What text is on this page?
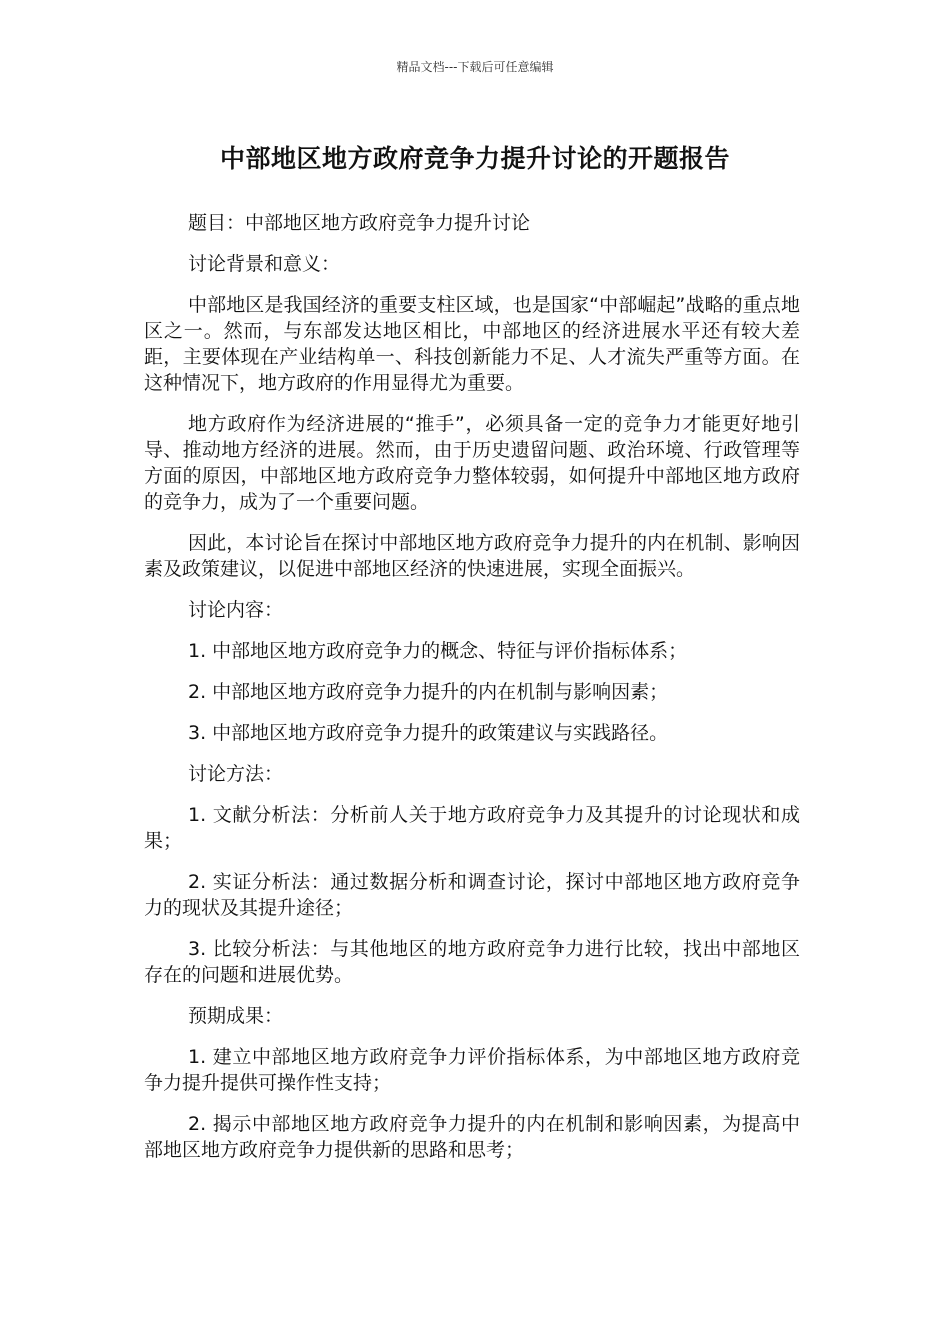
精品文档---下载后可任意编辑
中部地区地方政府竞争力提升讨论的开题报告

题目：中部地区地方政府竞争力提升讨论

讨论背景和意义：

中部地区是我国经济的重要支柱区域，也是国家“中部崛起”战略的重点地区之一。然而，与东部发达地区相比，中部地区的经济进展水平还有较大差距，主要体现在产业结构单一、科技创新能力不足、人才流失严重等方面。在这种情况下，地方政府的作用显得尤为重要。

地方政府作为经济进展的“推手”，必须具备一定的竞争力才能更好地引导、推动地方经济的进展。然而，由于历史遗留问题、政治环境、行政管理等方面的原因，中部地区地方政府竞争力整体较弱，如何提升中部地区地方政府的竞争力，成为了一个重要问题。

因此，本讨论旨在探讨中部地区地方政府竞争力提升的内在机制、影响因素及政策建议，以促进中部地区经济的快速进展，实现全面振兴。

讨论内容：

1. 中部地区地方政府竞争力的概念、特征与评价指标体系；

2. 中部地区地方政府竞争力提升的内在机制与影响因素；

3. 中部地区地方政府竞争力提升的政策建议与实践路径。

讨论方法：

1. 文献分析法：分析前人关于地方政府竞争力及其提升的讨论现状和成果；

2. 实证分析法：通过数据分析和调查讨论，探讨中部地区地方政府竞争力的现状及其提升途径；

3. 比较分析法：与其他地区的地方政府竞争力进行比较，找出中部地区存在的问题和进展优势。

预期成果：

1. 建立中部地区地方政府竞争力评价指标体系，为中部地区地方政府竞争力提升提供可操作性支持；

2. 揭示中部地区地方政府竞争力提升的内在机制和影响因素，为提高中部地区地方政府竞争力提供新的思路和思考；
